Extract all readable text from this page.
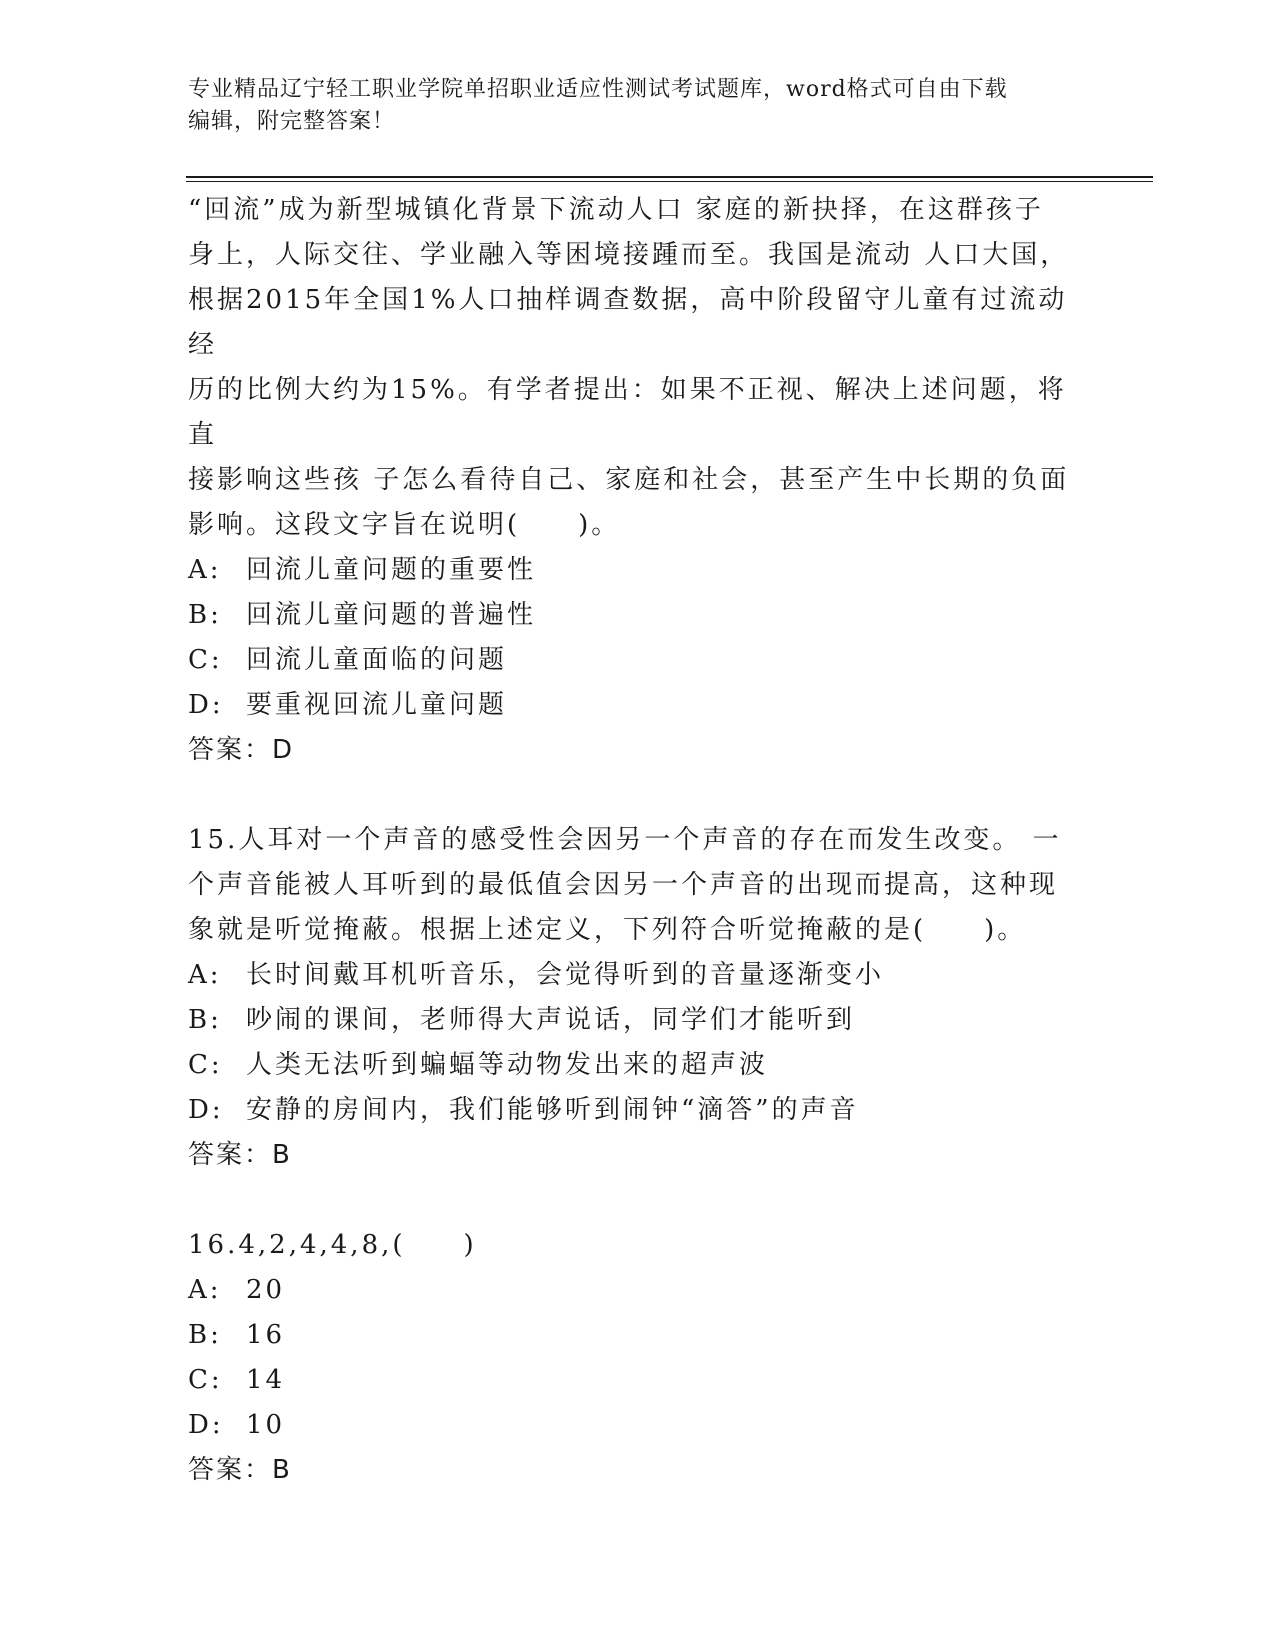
专业精品辽宁轻工职业学院单招职业适应性测试考试题库，word格式可自由下载
编辑，附完整答案！

“回流”成为新型城镇化背景下流动人口 家庭的新抉择，在这群孩子
身上，人际交往、学业融入等困境接踵而至。我国是流动 人口大国，
根据2015年全国1%人口抽样调查数据，高中阶段留守儿童有过流动经
历的比例大约为15%。有学者提出：如果不正视、解决上述问题，将直
接影响这些孩 子怎么看待自己、家庭和社会，甚至产生中长期的负面
影响。这段文字旨在说明(　　)。

A: 回流儿童问题的重要性
B: 回流儿童问题的普遍性
C: 回流儿童面临的问题
D: 要重视回流儿童问题
答案：D

15.人耳对一个声音的感受性会因另一个声音的存在而发生改变。 一
个声音能被人耳听到的最低值会因另一个声音的出现而提高，这种现
象就是听觉掩蔽。根据上述定义，下列符合听觉掩蔽的是(　　)。

A: 长时间戴耳机听音乐，会觉得听到的音量逐渐变小
B: 吵闹的课间，老师得大声说话，同学们才能听到
C: 人类无法听到蝙蝠等动物发出来的超声波
D: 安静的房间内，我们能够听到闹钟“滴答”的声音
答案：B

16.4,2,4,4,8,(　　)

A: 20
B: 16
C: 14
D: 10
答案：B
